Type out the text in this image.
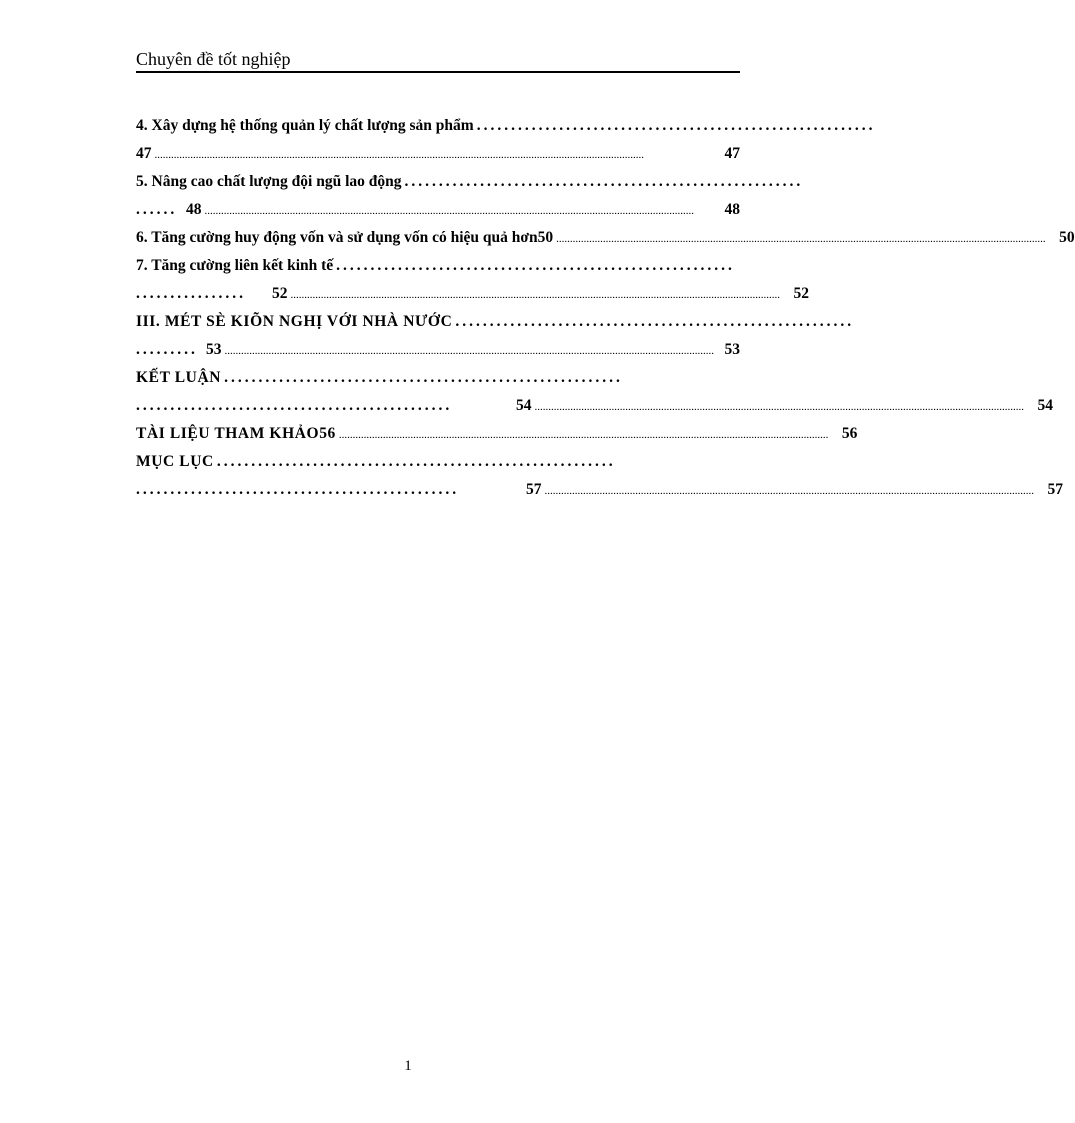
Chuyên đề tốt nghiệp
4. Xây dựng hệ thống quản lý chất lượng sản phẩm ..........................................................
47 ..................................................................................................................................................................................	47
5. Nâng cao chất lượng đội ngũ lao động ..........................................................
...... 48 ..................................................................................................................................................................................	48
6. Tăng cường huy động vốn và sử dụng vốn có hiệu quả hơn50 .................................................................................................................................................................................. 50
7. Tăng cường liên kết kinh tế ..........................................................
................	52 .................................................................................................................................................................................. 52
III. MÉT SÈ KIÕN NGHỊ VỚI NHÀ NƯỚC ..........................................................
......... 53 .................................................................................................................................................................................. 53
KẾT LUẬN ..........................................................
..............................................	54 .................................................................................................................................................................................. 54
TÀI LIỆU THAM KHẢO56 .................................................................................................................................................................................. 56
MỤC LỤC ..........................................................
...............................................	57 .................................................................................................................................................................................. 57
1
